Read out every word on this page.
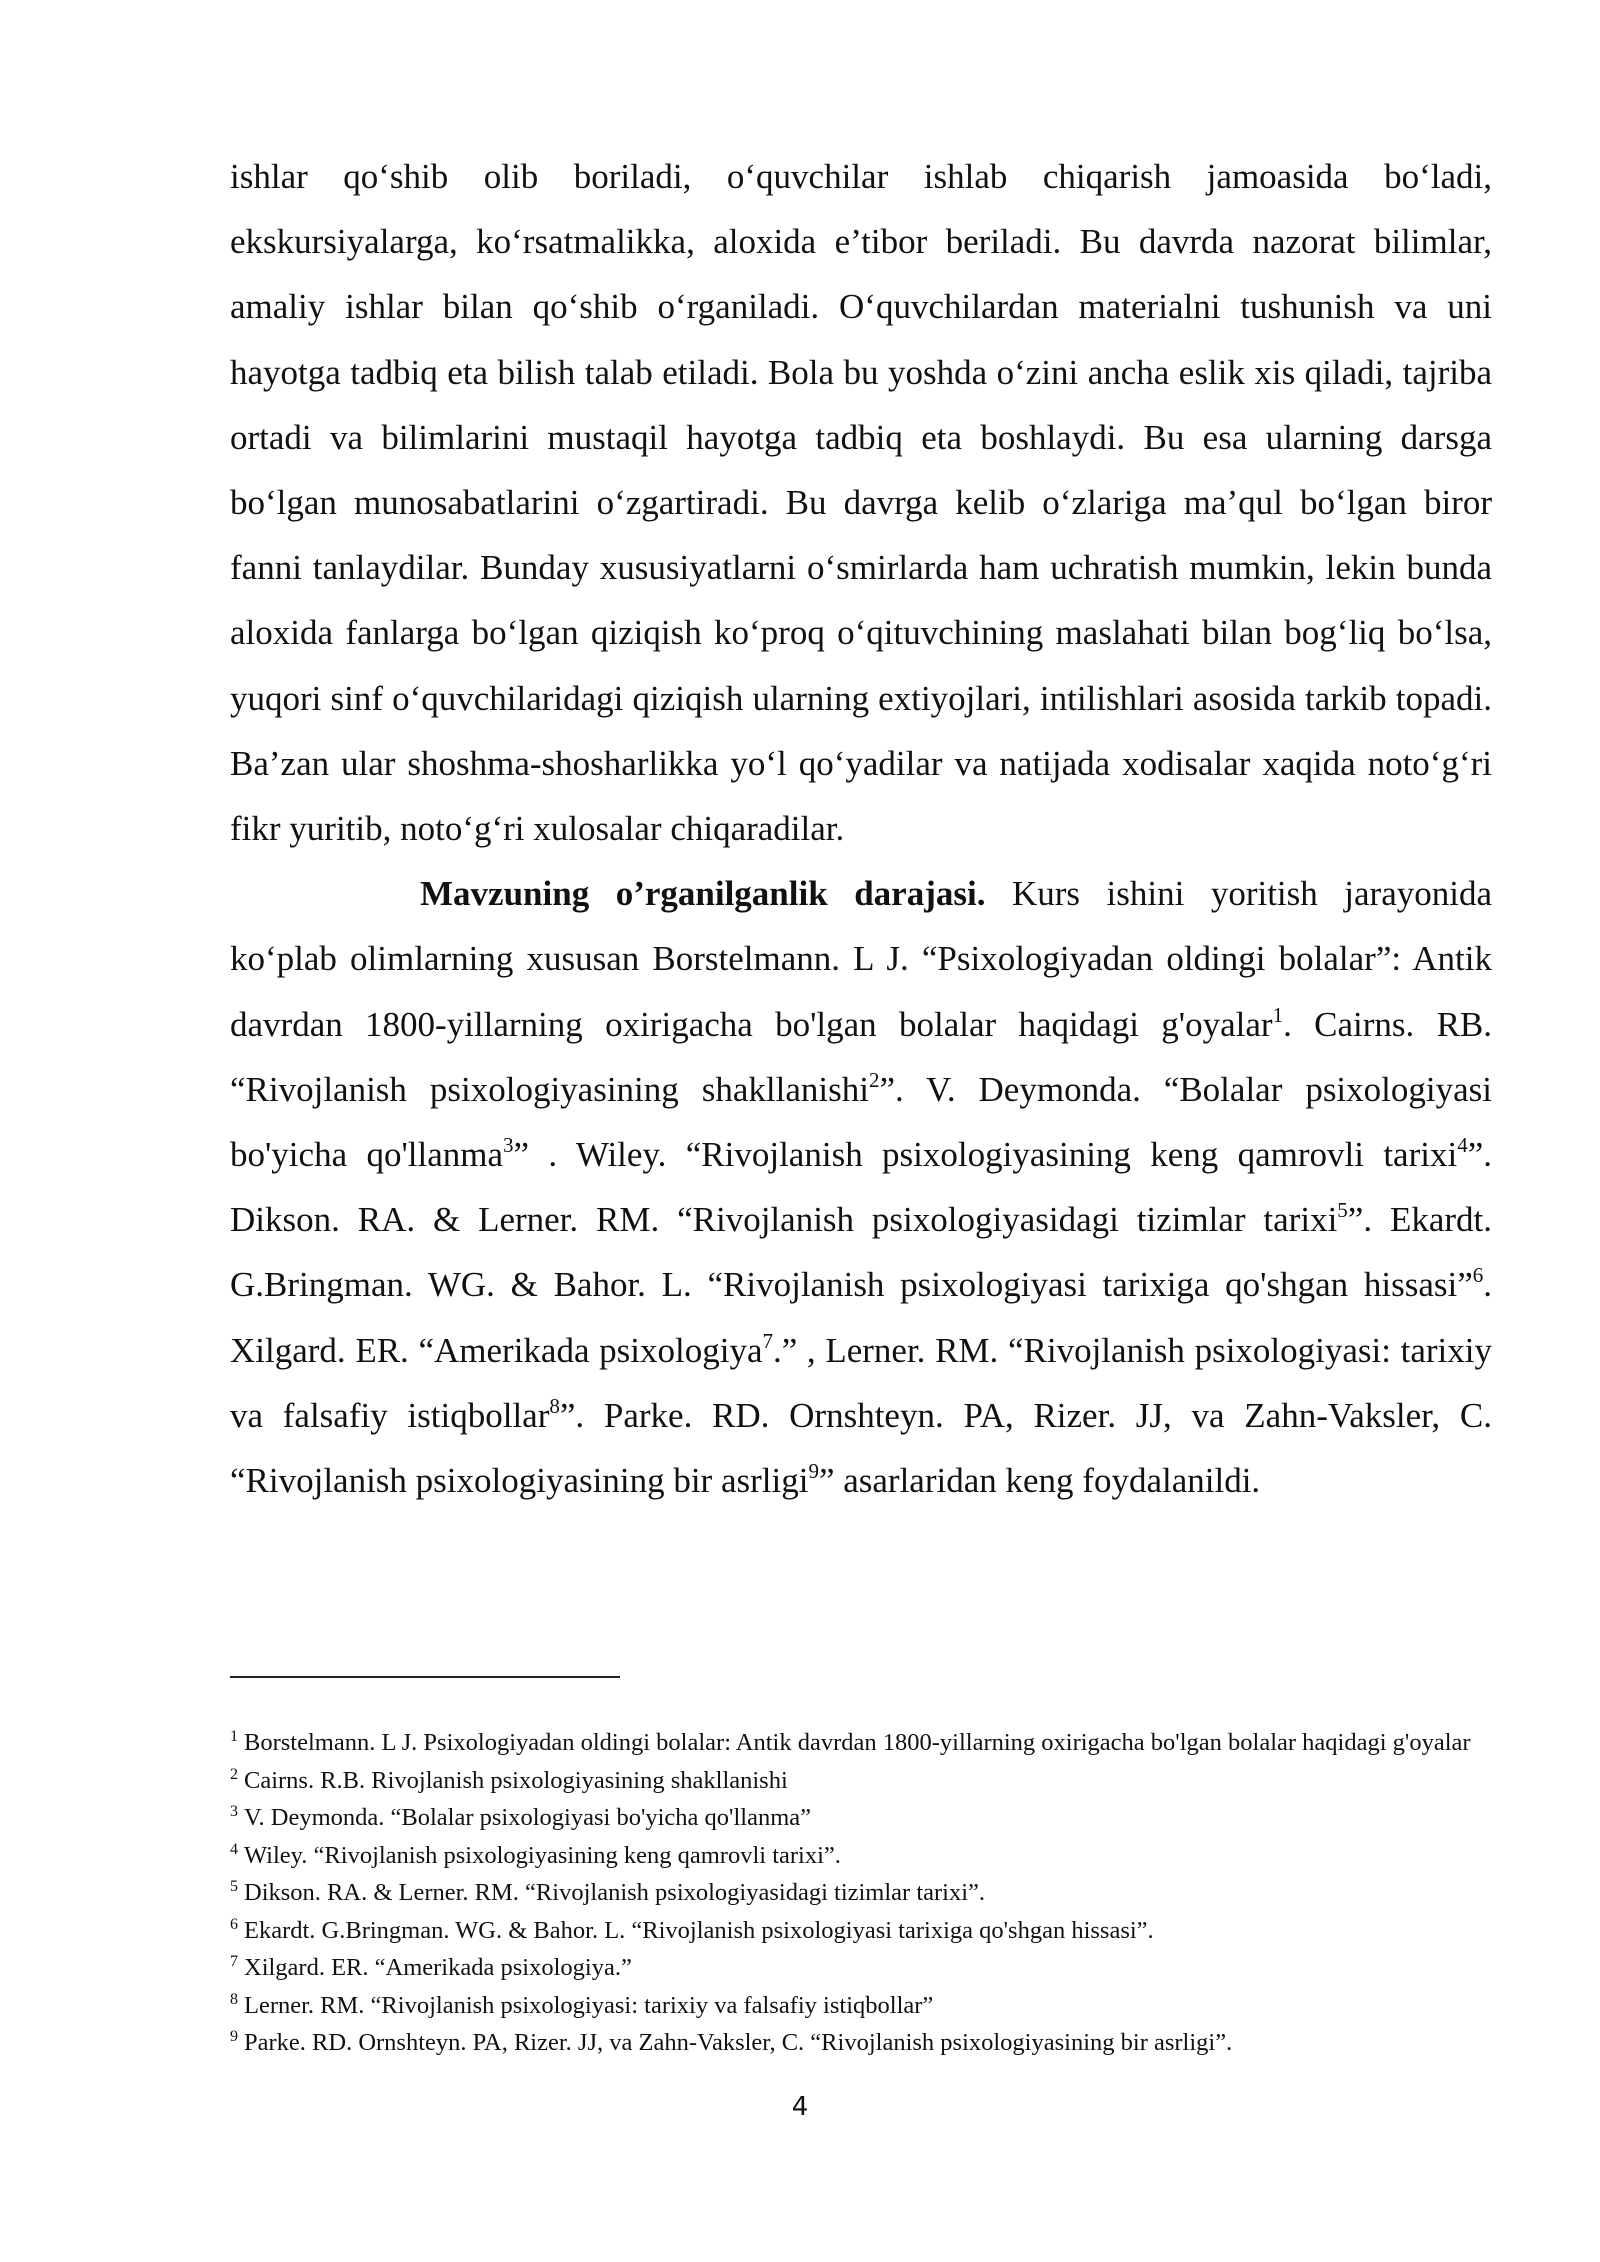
ishlar qo‘shib olib boriladi, o‘quvchilar ishlab chiqarish jamoasida bo‘ladi, ekskursiyalarga, ko‘rsatmalikka, aloxida e’tibor beriladi. Bu davrda nazorat bilimlar, amaliy ishlar bilan qo‘shib o‘rganiladi. O‘quvchilardan materialni tushunish va uni hayotga tadbiq eta bilish talab etiladi. Bola bu yoshda o‘zini ancha eslik xis qiladi, tajriba ortadi va bilimlarini mustaqil hayotga tadbiq eta boshlaydi. Bu esa ularning darsga bo‘lgan munosabatlarini o‘zgartiradi. Bu davrga kelib o‘zlariga ma’qul bo‘lgan biror fanni tanlaydilar. Bunday xususiyatlarni o‘smirlarda ham uchratish mumkin, lekin bunda aloxida fanlarga bo‘lgan qiziqish ko‘proq o‘qituvchining maslahati bilan bog‘liq bo‘lsa, yuqori sinf o‘quvchilaridagi qiziqish ularning extiyojlari, intilishlari asosida tarkib topadi. Ba’zan ular shoshma-shosharlikka yo‘l qo‘yadilar va natijada xodisalar xaqida noto‘g‘ri fikr yuritib, noto‘g‘ri xulosalar chiqaradilar.

Mavzuning o’rganilganlik darajasi. Kurs ishini yoritish jarayonida ko‘plab olimlarning xususan Borstelmann. L J. “Psixologiyadan oldingi bolalar”: Antik davrdan 1800-yillarning oxirigacha bo'lgan bolalar haqidagi g'oyalar$^1$. Cairns. RB. “Rivojlanish psixologiyasining shakllanishi$^2$”. V. Deymonda. “Bolalar psixologiyasi bo'yicha qo'llanma$^3$” . Wiley. “Rivojlanish psixologiyasining keng qamrovli tarixi$^4$”. Dikson. RA. & Lerner. RM. “Rivojlanish psixologiyasidagi tizimlar tarixi$^5$”. Ekardt. G.Bringman. WG. & Bahor. L. “Rivojlanish psixologiyasi tarixiga qo'shgan hissasi”$^6$. Xilgard. ER. “Amerikada psixologiya$^7$.” , Lerner. RM. “Rivojlanish psixologiyasi: tarixiy va falsafiy istiqbollar$^8$”. Parke. RD. Ornshteyn. PA, Rizer. JJ, va Zahn-Vaksler, C. “Rivojlanish psixologiyasining bir asrligi$^9$” asarlaridan keng foydalanildi.

$^1$ Borstelmann. L J. Psixologiyadan oldingi bolalar: Antik davrdan 1800-yillarning oxirigacha bo'lgan bolalar haqidagi g'oyalar

$^2$ Cairns. R.B. Rivojlanish psixologiyasining shakllanishi

$^3$ V. Deymonda. “Bolalar psixologiyasi bo'yicha qo'llanma”

$^4$ Wiley. “Rivojlanish psixologiyasining keng qamrovli tarixi”.

$^5$ Dikson. RA. & Lerner. RM. “Rivojlanish psixologiyasidagi tizimlar tarixi”.

$^6$ Ekardt. G.Bringman. WG. & Bahor. L. “Rivojlanish psixologiyasi tarixiga qo'shgan hissasi”.

$^7$ Xilgard. ER. “Amerikada psixologiya.”

$^8$ Lerner. RM. “Rivojlanish psixologiyasi: tarixiy va falsafiy istiqbollar”

$^9$ Parke. RD. Ornshteyn. PA, Rizer. JJ, va Zahn-Vaksler, C. “Rivojlanish psixologiyasining bir asrligi”.

4
